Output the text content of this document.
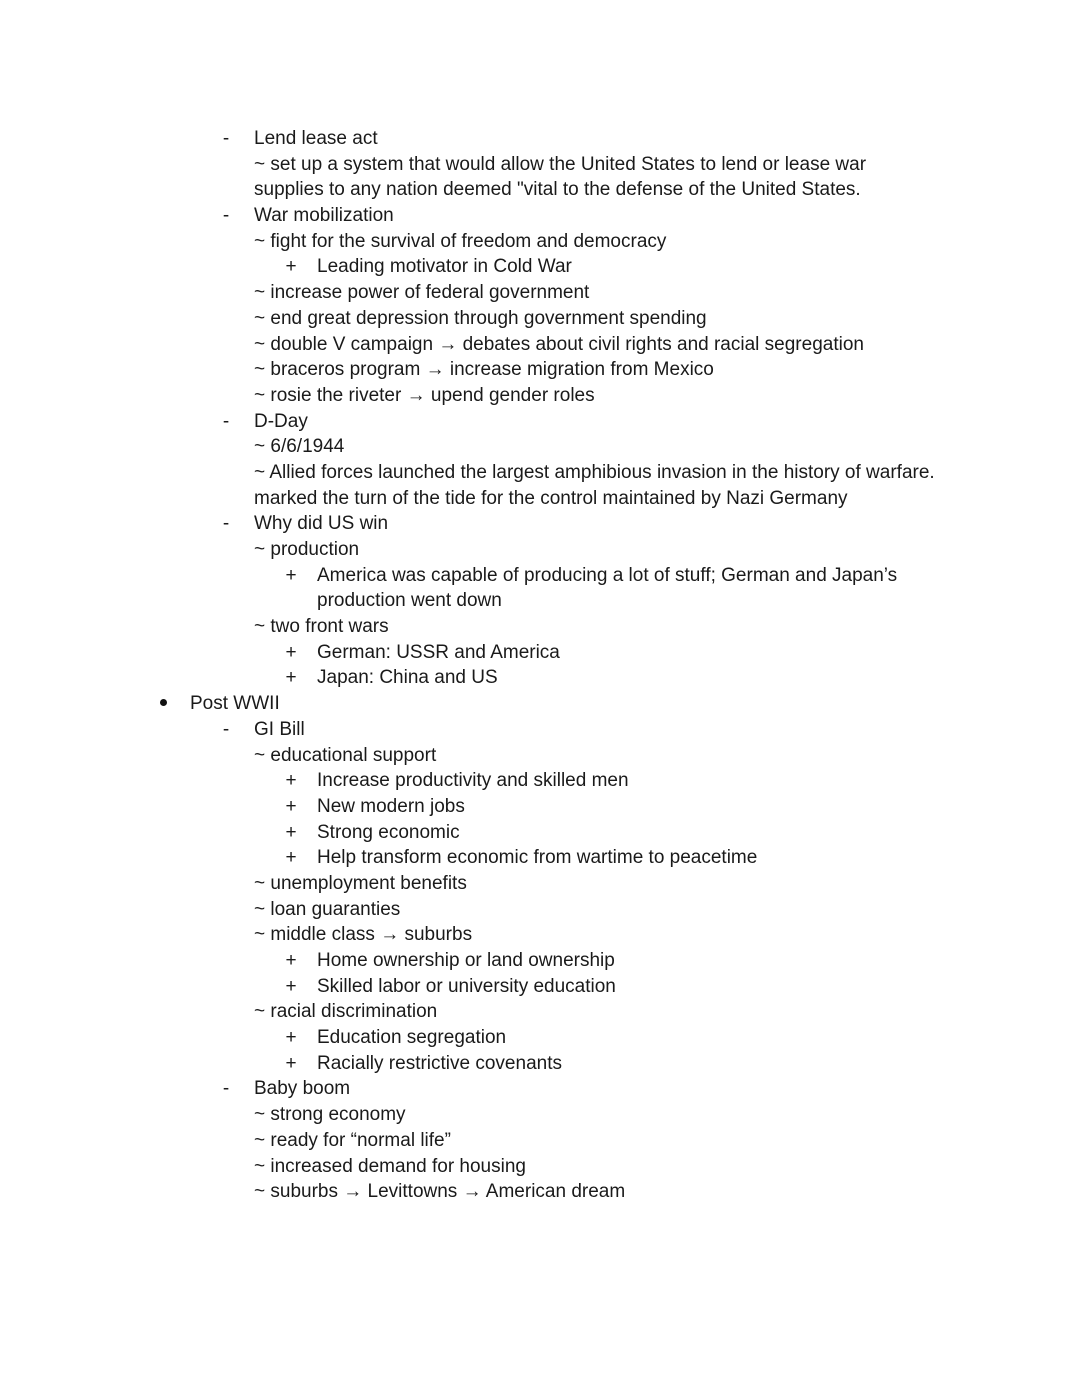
- Lend lease act
~ set up a system that would allow the United States to lend or lease war
supplies to any nation deemed "vital to the defense of the United States.
- War mobilization
~ fight for the survival of freedom and democracy
+ Leading motivator in Cold War
~ increase power of federal government
~ end great depression through government spending
~ double V campaign → debates about civil rights and racial segregation
~ braceros program → increase migration from Mexico
~ rosie the riveter → upend gender roles
- D-Day
~ 6/6/1944
~ Allied forces launched the largest amphibious invasion in the history of warfare.
marked the turn of the tide for the control maintained by Nazi Germany
- Why did US win
~ production
+ America was capable of producing a lot of stuff; German and Japan’s
production went down
~ two front wars
+ German: USSR and America
+ Japan: China and US
Post WWII
- GI Bill
~ educational support
+ Increase productivity and skilled men
+ New modern jobs
+ Strong economic
+ Help transform economic from wartime to peacetime
~ unemployment benefits
~ loan guaranties
~ middle class → suburbs
+ Home ownership or land ownership
+ Skilled labor or university education
~ racial discrimination
+ Education segregation
+ Racially restrictive covenants
- Baby boom
~ strong economy
~ ready for “normal life”
~ increased demand for housing
~ suburbs → Levittowns → American dream
